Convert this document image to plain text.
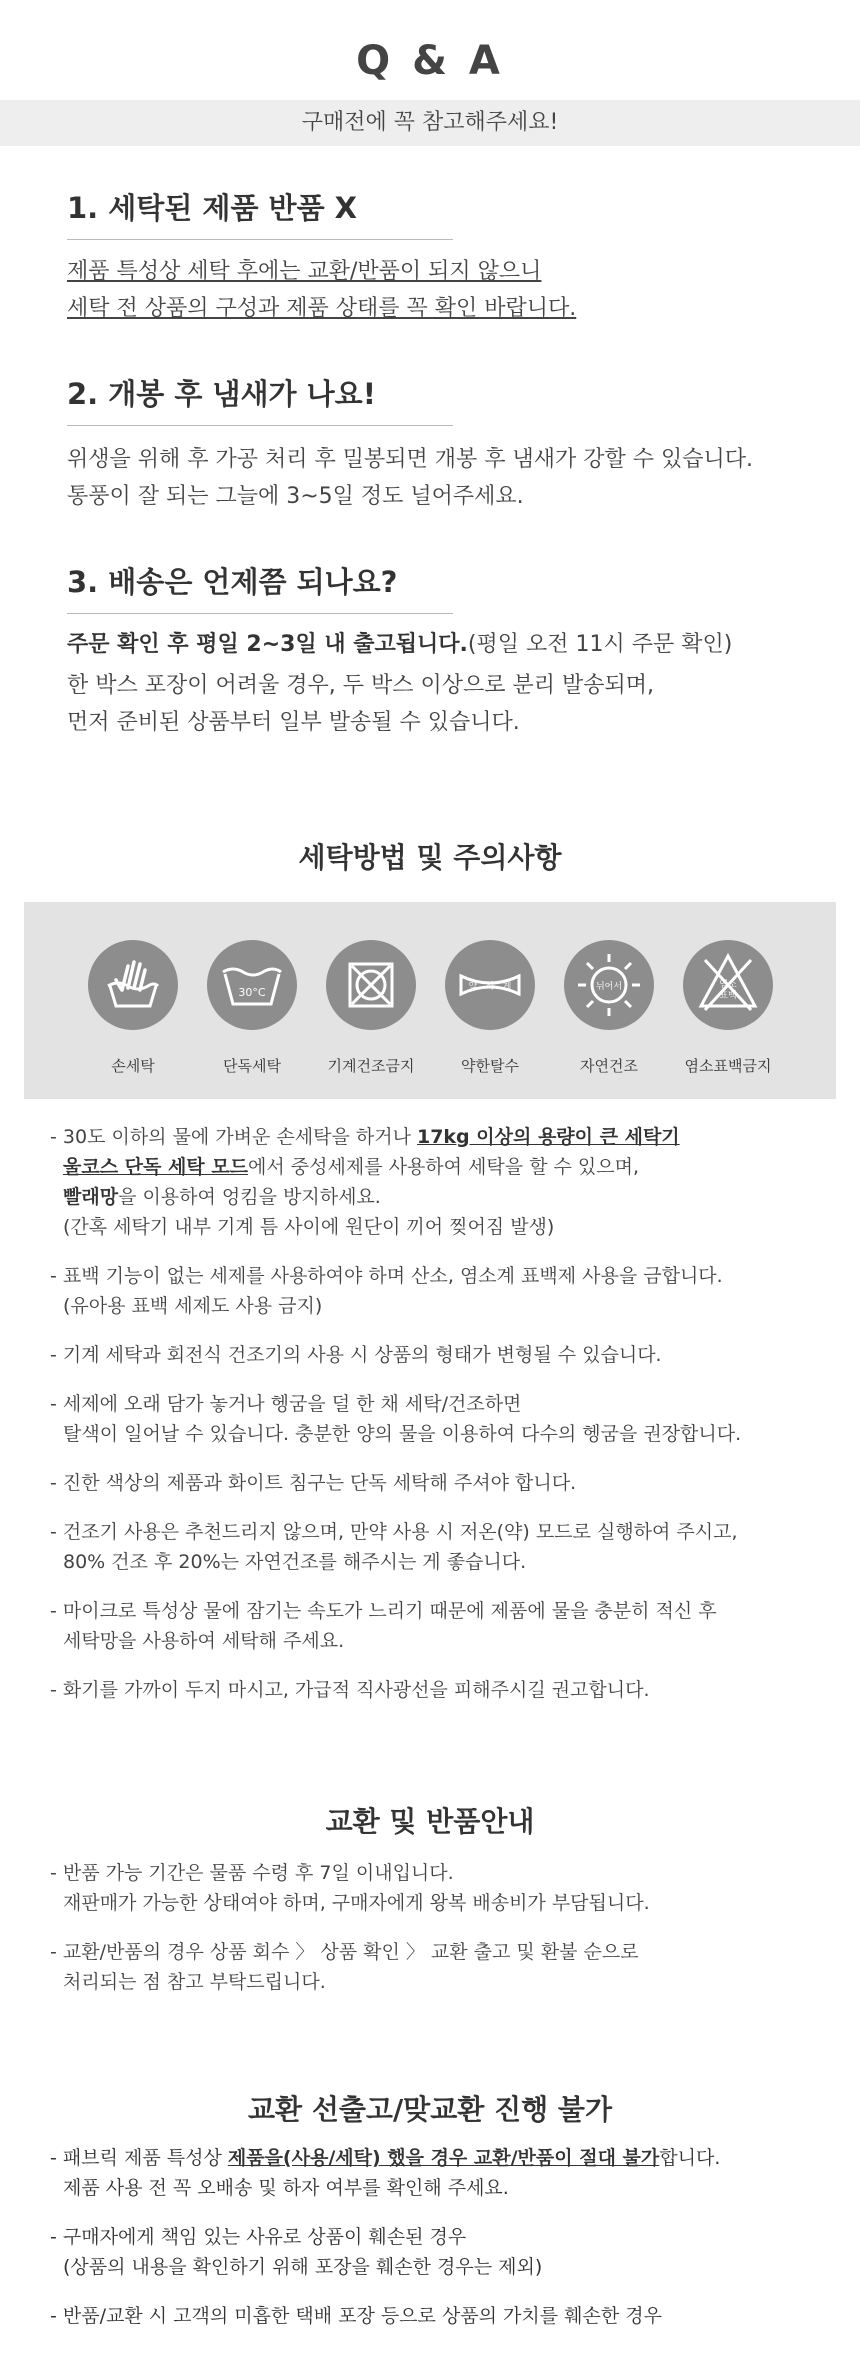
Q & A
구매전에 꼭 참고해주세요!
1. 세탁된 제품 반품 X

제품 특성상 세탁 후에는 교환/반품이 되지 않으니

세탁 전 상품의 구성과 제품 상태를 꼭 확인 바랍니다.

2. 개봉 후 냄새가 나요!

위생을 위해 후 가공 처리 후 밀봉되면 개봉 후 냄새가 강할 수 있습니다.

통풍이 잘 되는 그늘에 3~5일 정도 널어주세요.

3. 배송은 언제쯤 되나요?

주문 확인 후 평일 2~3일 내 출고됩니다.(평일 오전 11시 주문 확인)

한 박스 포장이 어려울 경우, 두 박스 이상으로 분리 발송되며,

먼저 준비된 상품부터 일부 발송될 수 있습니다.

세탁방법 및 주의사항
손세탁
30°C
단독세탁	기계건조금지
약 하 게
약한탈수
뉘어서
자연건조
염소
표백
염소표백금지
- 30도 이하의 물에 가벼운 손세탁을 하거나 17kg 이상의 용량이 큰 세탁기
울코스 단독 세탁 모드에서 중성세제를 사용하여 세탁을 할 수 있으며,
빨래망을 이용하여 엉킴을 방지하세요.
(간혹 세탁기 내부 기계 틈 사이에 원단이 끼어 찢어짐 발생)
- 표백 기능이 없는 세제를 사용하여야 하며 산소, 염소계 표백제 사용을 금합니다.
(유아용 표백 세제도 사용 금지)
- 기계 세탁과 회전식 건조기의 사용 시 상품의 형태가 변형될 수 있습니다.
- 세제에 오래 담가 놓거나 헹굼을 덜 한 채 세탁/건조하면
탈색이 일어날 수 있습니다. 충분한 양의 물을 이용하여 다수의 헹굼을 권장합니다.
- 진한 색상의 제품과 화이트 침구는 단독 세탁해 주셔야 합니다.
- 건조기 사용은 추천드리지 않으며, 만약 사용 시 저온(약) 모드로 실행하여 주시고,
80% 건조 후 20%는 자연건조를 해주시는 게 좋습니다.
- 마이크로 특성상 물에 잠기는 속도가 느리기 때문에 제품에 물을 충분히 적신 후
세탁망을 사용하여 세탁해 주세요.
- 화기를 가까이 두지 마시고, 가급적 직사광선을 피해주시길 권고합니다.
교환 및 반품안내
- 반품 가능 기간은 물품 수령 후 7일 이내입니다.
재판매가 가능한 상태여야 하며, 구매자에게 왕복 배송비가 부담됩니다.
- 교환/반품의 경우 상품 회수 〉 상품 확인 〉 교환 출고 및 환불 순으로
처리되는 점 참고 부탁드립니다.
교환 선출고/맞교환 진행 불가
- 패브릭 제품 특성상 제품을(사용/세탁) 했을 경우 교환/반품이 절대 불가합니다.
제품 사용 전 꼭 오배송 및 하자 여부를 확인해 주세요.
- 구매자에게 책임 있는 사유로 상품이 훼손된 경우
(상품의 내용을 확인하기 위해 포장을 훼손한 경우는 제외)
- 반품/교환 시 고객의 미흡한 택배 포장 등으로 상품의 가치를 훼손한 경우
